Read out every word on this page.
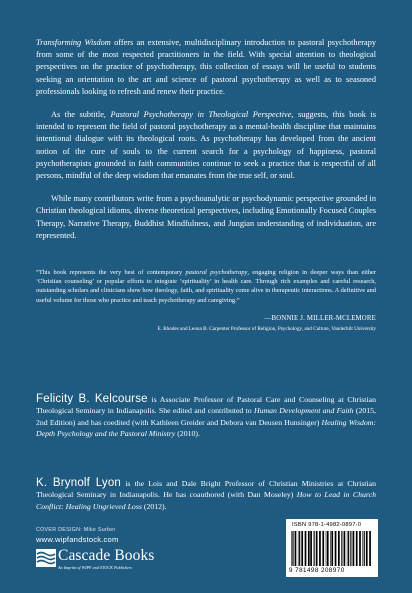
Transforming Wisdom offers an extensive, multidisciplinary introduction to pastoral psychotherapy from some of the most respected practitioners in the field. With special attention to theological perspectives on the practice of psychotherapy, this collection of essays will be useful to students seeking an orientation to the art and science of pastoral psychotherapy as well as to seasoned professionals looking to refresh and renew their practice.

As the subtitle, Pastoral Psychotherapy in Theological Perspective, suggests, this book is intended to represent the field of pastoral psychotherapy as a mental-health discipline that maintains intentional dialogue with its theological roots. As psychotherapy has developed from the ancient notion of the cure of souls to the current search for a psychology of happiness, pastoral psychotherapists grounded in faith communities continue to seek a practice that is respectful of all persons, mindful of the deep wisdom that emanates from the true self, or soul.

While many contributors write from a psychoanalytic or psychodynamic perspective grounded in Christian theological idioms, diverse theoretical perspectives, including Emotionally Focused Couples Therapy, Narrative Therapy, Buddhist Mindfulness, and Jungian understanding of individuation, are represented.

“This book represents the very best of contemporary pastoral psychotherapy, engaging religion in deeper ways than either ‘Christian counseling’ or popular efforts to integrate ‘spirituality’ in health care. Through rich examples and careful research, outstanding scholars and clinicians show how theology, faith, and spirituality come alive in therapeutic interactions. A definitive and useful volume for those who practice and teach psychotherapy and caregiving.”
—BONNIE J. MILLER-MCLEMORE
E. Rhodes and Leona B. Carpenter Professor of Religion, Psychology, and Culture, Vanderbilt University
Felicity B. Kelcourse is Associate Professor of Pastoral Care and Counseling at Christian Theological Seminary in Indianapolis. She edited and contributed to Human Development and Faith (2015, 2nd Edition) and has coedited (with Kathleen Greider and Debora van Deusen Hunsinger) Healing Wisdom: Depth Psychology and the Pastoral Ministry (2010).
K. Brynolf Lyon is the Lois and Dale Bright Professor of Christian Ministries at Christian Theological Seminary in Indianapolis. He has coauthored (with Dan Moseley) How to Lead in Church Conflict: Healing Ungrieved Loss (2012).
COVER DESIGN: Mike Surber
www.wipfandstock.com
Cascade Books
An Imprint of WIPF and STOCK Publishers
ISBN 978-1-4982-0897-0
9 781498 208970
